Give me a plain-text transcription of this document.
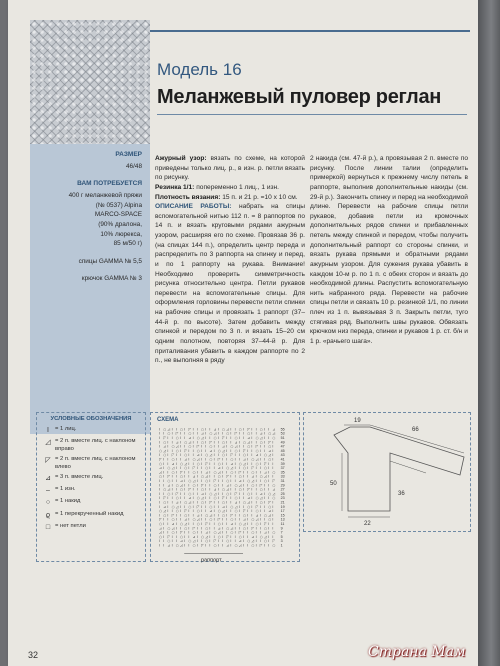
Модель 16
Меланжевый пуловер реглан
РАЗМЕР
46/48
ВАМ ПОТРЕБУЕТСЯ
400 г меланжевой пряжи
(№ 0537) Alpina
MARCO-SPACE
(90% дралона,
10% люрекса,
85 м/50 г)
спицы GAMMA № 5,5
крючок GAMMA № 3

Ажурный узор: вязать по схеме, на которой приведены только лиц. р., в изн. р. петли вязать по рисунку.

Резинка 1/1: попеременно 1 лиц., 1 изн.

Плотность вязания: 15 п. и 21 р. =10 х 10 см.

ОПИСАНИЕ РАБОТЫ: набрать на спицы вспомогательной нитью 112 п. = 8 раппортов по 14 п. и вязать круговыми рядами ажурным узором, расширяя его по схеме. Провязав 36 р. (на спицах 144 п.), определить центр переда и распределить по 3 раппорта на спинку и перед, и по 1 раппорту на рукава. Внимание! Необходимо проверить симметричность рисунка относительно центра. Петли рукавов перевести на вспомогательные спицы. Для оформления горловины перевести петли спинки на рабочие спицы и провязать 1 раппорт (37–44-й р. по высоте). Затем добавить между спинкой и передом по 3 п. и вязать 15–20 см одним полотном, повторяя 37–44-й р. Для приталивания убавить в каждом раппорте по 2 п., не выполняя в ряду

2 накида (см. 47-й р.), а провязывая 2 п. вместе по рисунку. После линии талии (определить примеркой) вернуться к прежнему числу петель в раппорте, выполнив дополнительные накиды (см. 29-й р.). Закончить спинку и перед на необходимой длине. Перевести на рабочие спицы петли рукавов, добавив петли из кромочных дополнительных рядов спинки и прибавленных петель между спинкой и передом, чтобы получить дополнительный раппорт со стороны спинки, и вязать рукава прямыми и обратными рядами ажурным узором. Для сужения рукава убавить в каждом 10-м р. по 1 п. с обеих сторон и вязать до необходимой длины. Распустить вспомогательную нить набранного ряда. Перевести на рабочие спицы петли и связать 10 р. резинкой 1/1, по линии плеч из 1 п. вывязывая 3 п. Закрыть петли, туго стягивая ряд. Выполнить швы рукавов. Обвязать крючком низ переда, спинки и рукавов 1 р. ст. б/н и 1 р. «рачьего шага».

УСЛОВНЫЕ ОБОЗНАЧЕНИЯ
I	= 1 лиц.
◿ = 2 п. вместе лиц. с наклоном вправо
◸ = 2 п. вместе лиц. с наклоном влево
⊿ = 3 п. вместе лиц.
– = 1 изн.
○ = 1 накид
ϱ = 1 перекрученный накид
□ = нет петли
СХЕМА
I ○ ◿ I I ○ I ◸ I I ○ I I ⊿ I ○ ◿ I I ○ I ◸ I I ○ I I ⊿ 55
I I ○ I ◸ I I ○ I I ⊿ I ○ ◿ I I ○ I ◸ I I ○ I I ⊿ I ○ ◿ 53
I ◸ I I ○ I I ⊿ I ○ ◿ I I ○ I ◸ I I ○ I I ⊿ I ○ ◿ I I ○ 51
I ○ I I ⊿ I ○ ◿ I I ○ I ◸ I I ○ I I ⊿ I ○ ◿ I I ○ I ◸ I 49
I ⊿ I ○ ◿ I I ○ I ◸ I I ○ I I ⊿ I ○ ◿ I I ○ I ◸ I I ○ I 47
○ ◿ I I ○ I ◸ I I ○ I I ⊿ I ○ ◿ I I ○ I ◸ I I ○ I I ⊿ I 45
I ○ I ◸ I I ○ I I ⊿ I ○ ◿ I I ○ I ◸ I I ○ I I ⊿ I ○ ◿ I 43
◸ I I ○ I I ⊿ I ○ ◿ I I ○ I ◸ I I ○ I I ⊿ I ○ ◿ I I ○ I 41
○ I I ⊿ I ○ ◿ I I ○ I ◸ I I ○ I I ⊿ I ○ ◿ I I ○ I ◸ I I 39
⊿ I ○ ◿ I I ○ I ◸ I I ○ I I ⊿ I ○ ◿ I I ○ I ◸ I I ○ I I 37
◿ I I ○ I ◸ I I ○ I I ⊿ I ○ ◿ I I ○ I ◸ I I ○ I I ⊿ I ○ 35
○ I ◸ I I ○ I I ⊿ I ○ ◿ I I ○ I ◸ I I ○ I I ⊿ I ○ ◿ I I 33
I I ○ I I ⊿ I ○ ◿ I I ○ I ◸ I I ○ I I ⊿ I ○ ◿ I I ○ I ◸ 31
I I ⊿ I ○ ◿ I I ○ I ◸ I I ○ I I ⊿ I ○ ◿ I I ○ I ◸ I I ○ 29
I ○ ◿ I I ○ I ◸ I I ○ I I ⊿ I ○ ◿ I I ○ I ◸ I I ○ I I ⊿ 27
I I ○ I ◸ I I ○ I I ⊿ I ○ ◿ I I ○ I ◸ I I ○ I I ⊿ I ○ ◿ 25
I ◸ I I ○ I I ⊿ I ○ ◿ I I ○ I ◸ I I ○ I I ⊿ I ○ ◿ I I ○ 23
I ○ I I ⊿ I ○ ◿ I I ○ I ◸ I I ○ I I ⊿ I ○ ◿ I I ○ I ◸ I 21
I ⊿ I ○ ◿ I I ○ I ◸ I I ○ I I ⊿ I ○ ◿ I I ○ I ◸ I I ○ I 19
○ ◿ I I ○ I ◸ I I ○ I I ⊿ I ○ ◿ I I ○ I ◸ I I ○ I I ⊿ I 17
I ○ I ◸ I I ○ I I ⊿ I ○ ◿ I I ○ I ◸ I I ○ I I ⊿ I ○ ◿ I 15
◸ I I ○ I I ⊿ I ○ ◿ I I ○ I ◸ I I ○ I I ⊿ I ○ ◿ I I ○ I 13
○ I I ⊿ I ○ ◿ I I ○ I ◸ I I ○ I I ⊿ I ○ ◿ I I ○ I ◸ I I 11
⊿ I ○ ◿ I I ○ I ◸ I I ○ I I ⊿ I ○ ◿ I I ○ I ◸ I I ○ I I 9
◿ I I ○ I ◸ I I ○ I I ⊿ I ○ ◿ I I ○ I ◸ I I ○ I I ⊿ I ○ 7
○ I ◸ I I ○ I I ⊿ I ○ ◿ I I ○ I ◸ I I ○ I I ⊿ I ○ ◿ I I 5
I I ○ I I ⊿ I ○ ◿ I I ○ I ◸ I I ○ I I ⊿ I ○ ◿ I I ○ I ◸ 3
I I ⊿ I ○ ◿ I I ○ I ◸ I I ○ I I ⊿ I ○ ◿ I I ○ I ◸ I I ○ 1
раппорт
19
66
50
36
22
32	Страна Мам
